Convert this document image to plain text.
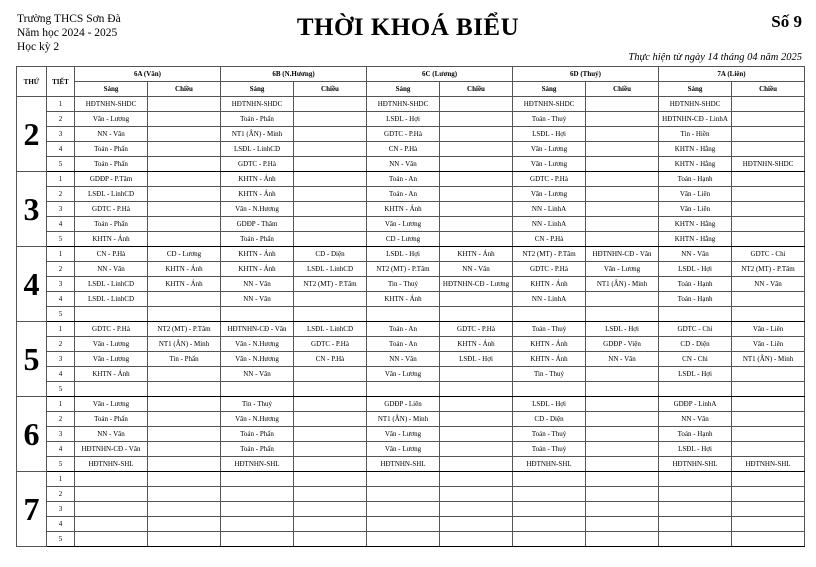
Trường THCS Sơn Đà
Năm học 2024 - 2025
Học kỳ 2
THỜI KHOÁ BIỂU	Số 9
Thực hiện từ ngày 14 tháng 04 năm 2025
THỨ	TIẾT	6A (Vân)		6B (N.Hương)		6C (Lương)		6D (Thuỷ)		7A (Liên)	
		Sáng	Chiều	Sáng	Chiều	Sáng	Chiều	Sáng	Chiều	Sáng	Chiều
2	1	HĐTNHN-SHDC		HĐTNHN-SHDC		HĐTNHN-SHDC		HĐTNHN-SHDC		HĐTNHN-SHDC	
	2	Văn - Lương		Toán - Phấn		LSĐL - Hợi		Toán - Thuỷ		HĐTNHN-CĐ - LinhA	
	3	NN - Vân		NT1 (ÂN) - Minh		GDTC - P.Hà		LSĐL - Hợi		Tin - Hiền	
	4	Toán - Phấn		LSĐL - LinhCD		CN - P.Hà		Văn - Lương		KHTN - Hằng	
	5	Toán - Phấn		GDTC - P.Hà		NN - Vân		Văn - Lương		KHTN - Hằng	HĐTNHN-SHDC
3	1	GDĐP - P.Tâm		KHTN - Ánh		Toán - An		GDTC - P.Hà		Toán - Hạnh	
	2	LSĐL - LinhCD		KHTN - Ánh		Toán - An		Văn - Lương		Văn - Liên	
	3	GDTC - P.Hà		Văn - N.Hương		KHTN - Ánh		NN - LinhA		Văn - Liên	
	4	Toán - Phấn		GDĐP - Thâm		Văn - Lương		NN - LinhA		KHTN - Hằng	
	5	KHTN - Ánh		Toán - Phấn		CD - Lương		CN - P.Hà		KHTN - Hằng	
4	1	CN - P.Hà	CD - Lương	KHTN - Ánh	CD - Diện	LSĐL - Hợi	KHTN - Ánh	NT2 (MT) - P.Tâm	HĐTNHN-CĐ - Văn	NN - Vân	GDTC - Chi
	2	NN - Vân	KHTN - Ánh	KHTN - Ánh	LSĐL - LinhCD	NT2 (MT) - P.Tâm	NN - Vân	GDTC - P.Hà	Văn - Lương	LSĐL - Hợi	NT2 (MT) - P.Tâm
	3	LSĐL - LinhCD	KHTN - Ánh	NN - Vân	NT2 (MT) - P.Tâm	Tin - Thuỷ	HĐTNHN-CĐ - Lương	KHTN - Ánh	NT1 (ÂN) - Minh	Toán - Hạnh	NN - Vân
	4	LSĐL - LinhCD		NN - Vân		KHTN - Ánh		NN - LinhA		Toán - Hạnh	
	5										
5	1	GDTC - P.Hà	NT2 (MT) - P.Tâm	HĐTNHN-CĐ - Văn	LSĐL - LinhCD	Toán - An	GDTC - P.Hà	Toán - Thuỷ	LSĐL - Hợi	GDTC - Chi	Văn - Liên
	2	Văn - Lương	NT1 (ÂN) - Minh	Văn - N.Hương	GDTC - P.Hà	Toán - An	KHTN - Ánh	KHTN - Ánh	GDĐP - Viện	CD - Diện	Văn - Liên
	3	Văn - Lương	Tin - Phấn	Văn - N.Hương	CN - P.Hà	NN - Vân	LSĐL - Hợi	KHTN - Ánh	NN - Vân	CN - Chi	NT1 (ÂN) - Minh
	4	KHTN - Ánh		NN - Vân		Văn - Lương		Tin - Thuỷ		LSĐL - Hợi	
	5										
6	1	Văn - Lương		Tin - Thuỷ		GDĐP - Liên		LSĐL - Hợi		GDĐP - LinhA	
	2	Toán - Phấn		Văn - N.Hương		NT1 (ÂN) - Minh		CD - Diện		NN - Vân	
	3	NN - Vân		Toán - Phấn		Văn - Lương		Toán - Thuỷ		Toán - Hạnh	
	4	HĐTNHN-CĐ - Văn		Toán - Phấn		Văn - Lương		Toán - Thuỷ		LSĐL - Hợi	
	5	HĐTNHN-SHL		HĐTNHN-SHL		HĐTNHN-SHL		HĐTNHN-SHL		HĐTNHN-SHL	HĐTNHN-SHL
7	1										
	2										
	3										
	4										
	5										
